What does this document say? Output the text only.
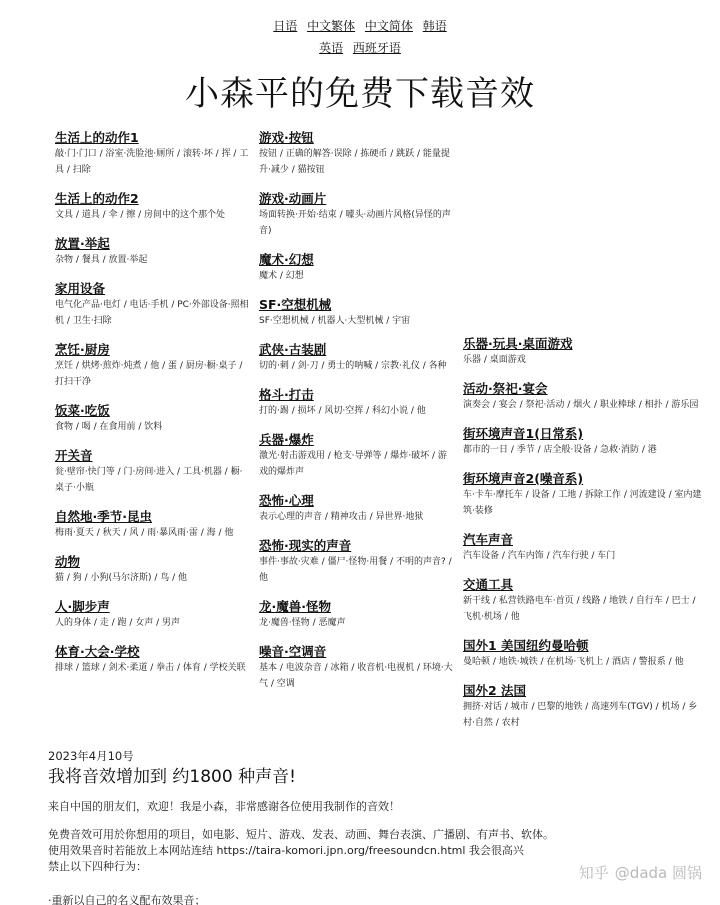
日语 中文繁体 中文简体 韩语
英语 西班牙语
小森平的免费下载音效
生活上的动作1
敲·门·门口 / 浴室·洗脸池·厕所 / 滚转·坏 / 挥 / 工具 / 扫除
生活上的动作2
文具 / 道具 / 伞 / 擦 / 房间中的这个那个处
放置·举起
杂物 / 餐具 / 放置·举起
家用设备
电气化产品·电灯 / 电话·手机 / PC·外部设备·照相机 / 卫生·扫除
烹饪·厨房
烹饪 / 烘烤·煎炸·炖煮 / 他 / 蛋 / 厨房·橱·桌子 / 打扫干净
饭菜·吃饭
食物 / 喝 / 在食用前 / 饮料
开关音
瓮·壁帘·快门等 / 门·房间·进入 / 工具·机器 / 橱·桌子·小瓶
自然地·季节·昆虫
梅雨·夏天 / 秋天 / 风 / 雨·暴风雨·雷 / 海 / 他
动物
猫 / 狗 / 小狗(马尔济斯) / 鸟 / 他
人·脚步声
人的身体 / 走 / 跑 / 女声 / 男声
体育·大会·学校
排球 / 篮球 / 剑术·柔道 / 拳击 / 体育 / 学校关联
游戏·按钮
按钮 / 正确的解答·误除 / 拣硬币 / 跳跃 / 能量提升·减少 / 猫按钮
游戏·动画片
场面转换·开始·结束 / 噱头·动画片风格(异怪的声音)
魔术·幻想
魔术 / 幻想
SF·空想机械
SF·空想机械 / 机器人·大型机械 / 宇宙
武侠·古装剧
切的·刺 / 剑·刀 / 勇士的呐喊 / 宗教·礼仪 / 各种
格斗·打击
打的·踢 / 损坏 / 风切·空挥 / 科幻小说 / 他
兵器·爆炸
激光·射击游戏用 / 枪支·导弹等 / 爆炸·破坏 / 游戏的爆炸声
恐怖·心理
表示心理的声音 / 精神攻击 / 异世界·地狱
恐怖·现实的声音
事件·事故·灾难 / 僵尸·怪物·用餐 / 不明的声音? / 他
龙·魔兽·怪物
龙·魔兽·怪物 / 恶魔声
噪音·空调音
基本 / 电波杂音 / 冰箱 / 收音机·电视机 / 环境·大气 / 空调
乐器·玩具·桌面游戏
乐器 / 桌面游戏
活动·祭祀·宴会
演奏会 / 宴会 / 祭祀·活动 / 烟火 / 职业棒球 / 相扑 / 游乐园
街环境声音1(日常系)
都市的一日 / 季节 / 店全般·设备 / 急救·消防 / 港
街环境声音2(噪音系)
车·卡车·摩托车 / 设备 / 工地 / 拆除工作 / 河流建设 / 室内建筑·装修
汽车声音
汽车设备 / 汽车内饰 / 汽车行驶 / 车门
交通工具
新干线 / 私营铁路电车·首页 / 线路 / 地铁 / 自行车 / 巴士 / 飞机·机场 / 他
国外1 美国纽约曼哈顿
曼哈顿 / 地铁·城铁 / 在机场·飞机上 / 酒店 / 警报系 / 他
国外2 法国
拥挤·对话 / 城市 / 巴黎的地铁 / 高速列车(TGV) / 机场 / 乡村·自然 / 农村
2023年4月10号
我将音效增加到 约1800 种声音!

来自中国的朋友们，欢迎！我是小森，非常感谢各位使用我制作的音效！

免费音效可用於你想用的项目，如电影、短片、游戏、发表、动画、舞台表演、广播剧、有声书、软体。

使用效果音时若能放上本网站连结 https://taira-komori.jpn.org/freesoundcn.html 我会很高兴

禁止以下四种行为：

·重新以自己的名义配布效果音；

知乎 @dada 圆锅
